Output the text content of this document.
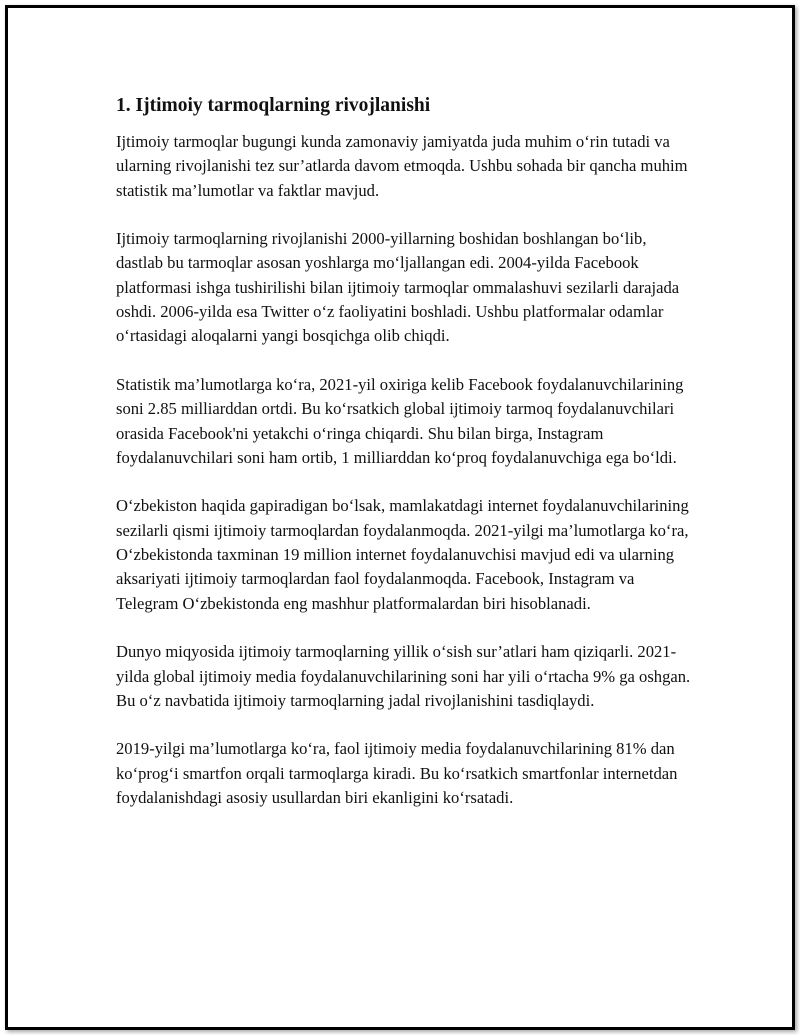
1. Ijtimoiy tarmoqlarning rivojlanishi

Ijtimoiy tarmoqlar bugungi kunda zamonaviy jamiyatda juda muhim o‘rin tutadi va ularning rivojlanishi tez sur’atlarda davom etmoqda. Ushbu sohada bir qancha muhim statistik ma’lumotlar va faktlar mavjud.

Ijtimoiy tarmoqlarning rivojlanishi 2000-yillarning boshidan boshlangan bo‘lib, dastlab bu tarmoqlar asosan yoshlarga mo‘ljallangan edi. 2004-yilda Facebook platformasi ishga tushirilishi bilan ijtimoiy tarmoqlar ommalashuvi sezilarli darajada oshdi. 2006-yilda esa Twitter o‘z faoliyatini boshladi. Ushbu platformalar odamlar o‘rtasidagi aloqalarni yangi bosqichga olib chiqdi.

Statistik ma’lumotlarga ko‘ra, 2021-yil oxiriga kelib Facebook foydalanuvchilarining soni 2.85 milliarddan ortdi. Bu ko‘rsatkich global ijtimoiy tarmoq foydalanuvchilari orasida Facebook'ni yetakchi o‘ringa chiqardi. Shu bilan birga, Instagram foydalanuvchilari soni ham ortib, 1 milliarddan ko‘proq foydalanuvchiga ega bo‘ldi.

O‘zbekiston haqida gapiradigan bo‘lsak, mamlakatdagi internet foydalanuvchilarining sezilarli qismi ijtimoiy tarmoqlardan foydalanmoqda. 2021-yilgi ma’lumotlarga ko‘ra, O‘zbekistonda taxminan 19 million internet foydalanuvchisi mavjud edi va ularning aksariyati ijtimoiy tarmoqlardan faol foydalanmoqda. Facebook, Instagram va Telegram O‘zbekistonda eng mashhur platformalardan biri hisoblanadi.

Dunyo miqyosida ijtimoiy tarmoqlarning yillik o‘sish sur’atlari ham qiziqarli. 2021-yilda global ijtimoiy media foydalanuvchilarining soni har yili o‘rtacha 9% ga oshgan. Bu o‘z navbatida ijtimoiy tarmoqlarning jadal rivojlanishini tasdiqlaydi.

2019-yilgi ma’lumotlarga ko‘ra, faol ijtimoiy media foydalanuvchilarining 81% dan ko‘prog‘i smartfon orqali tarmoqlarga kiradi. Bu ko‘rsatkich smartfonlar internetdan foydalanishdagi asosiy usullardan biri ekanligini ko‘rsatadi.
